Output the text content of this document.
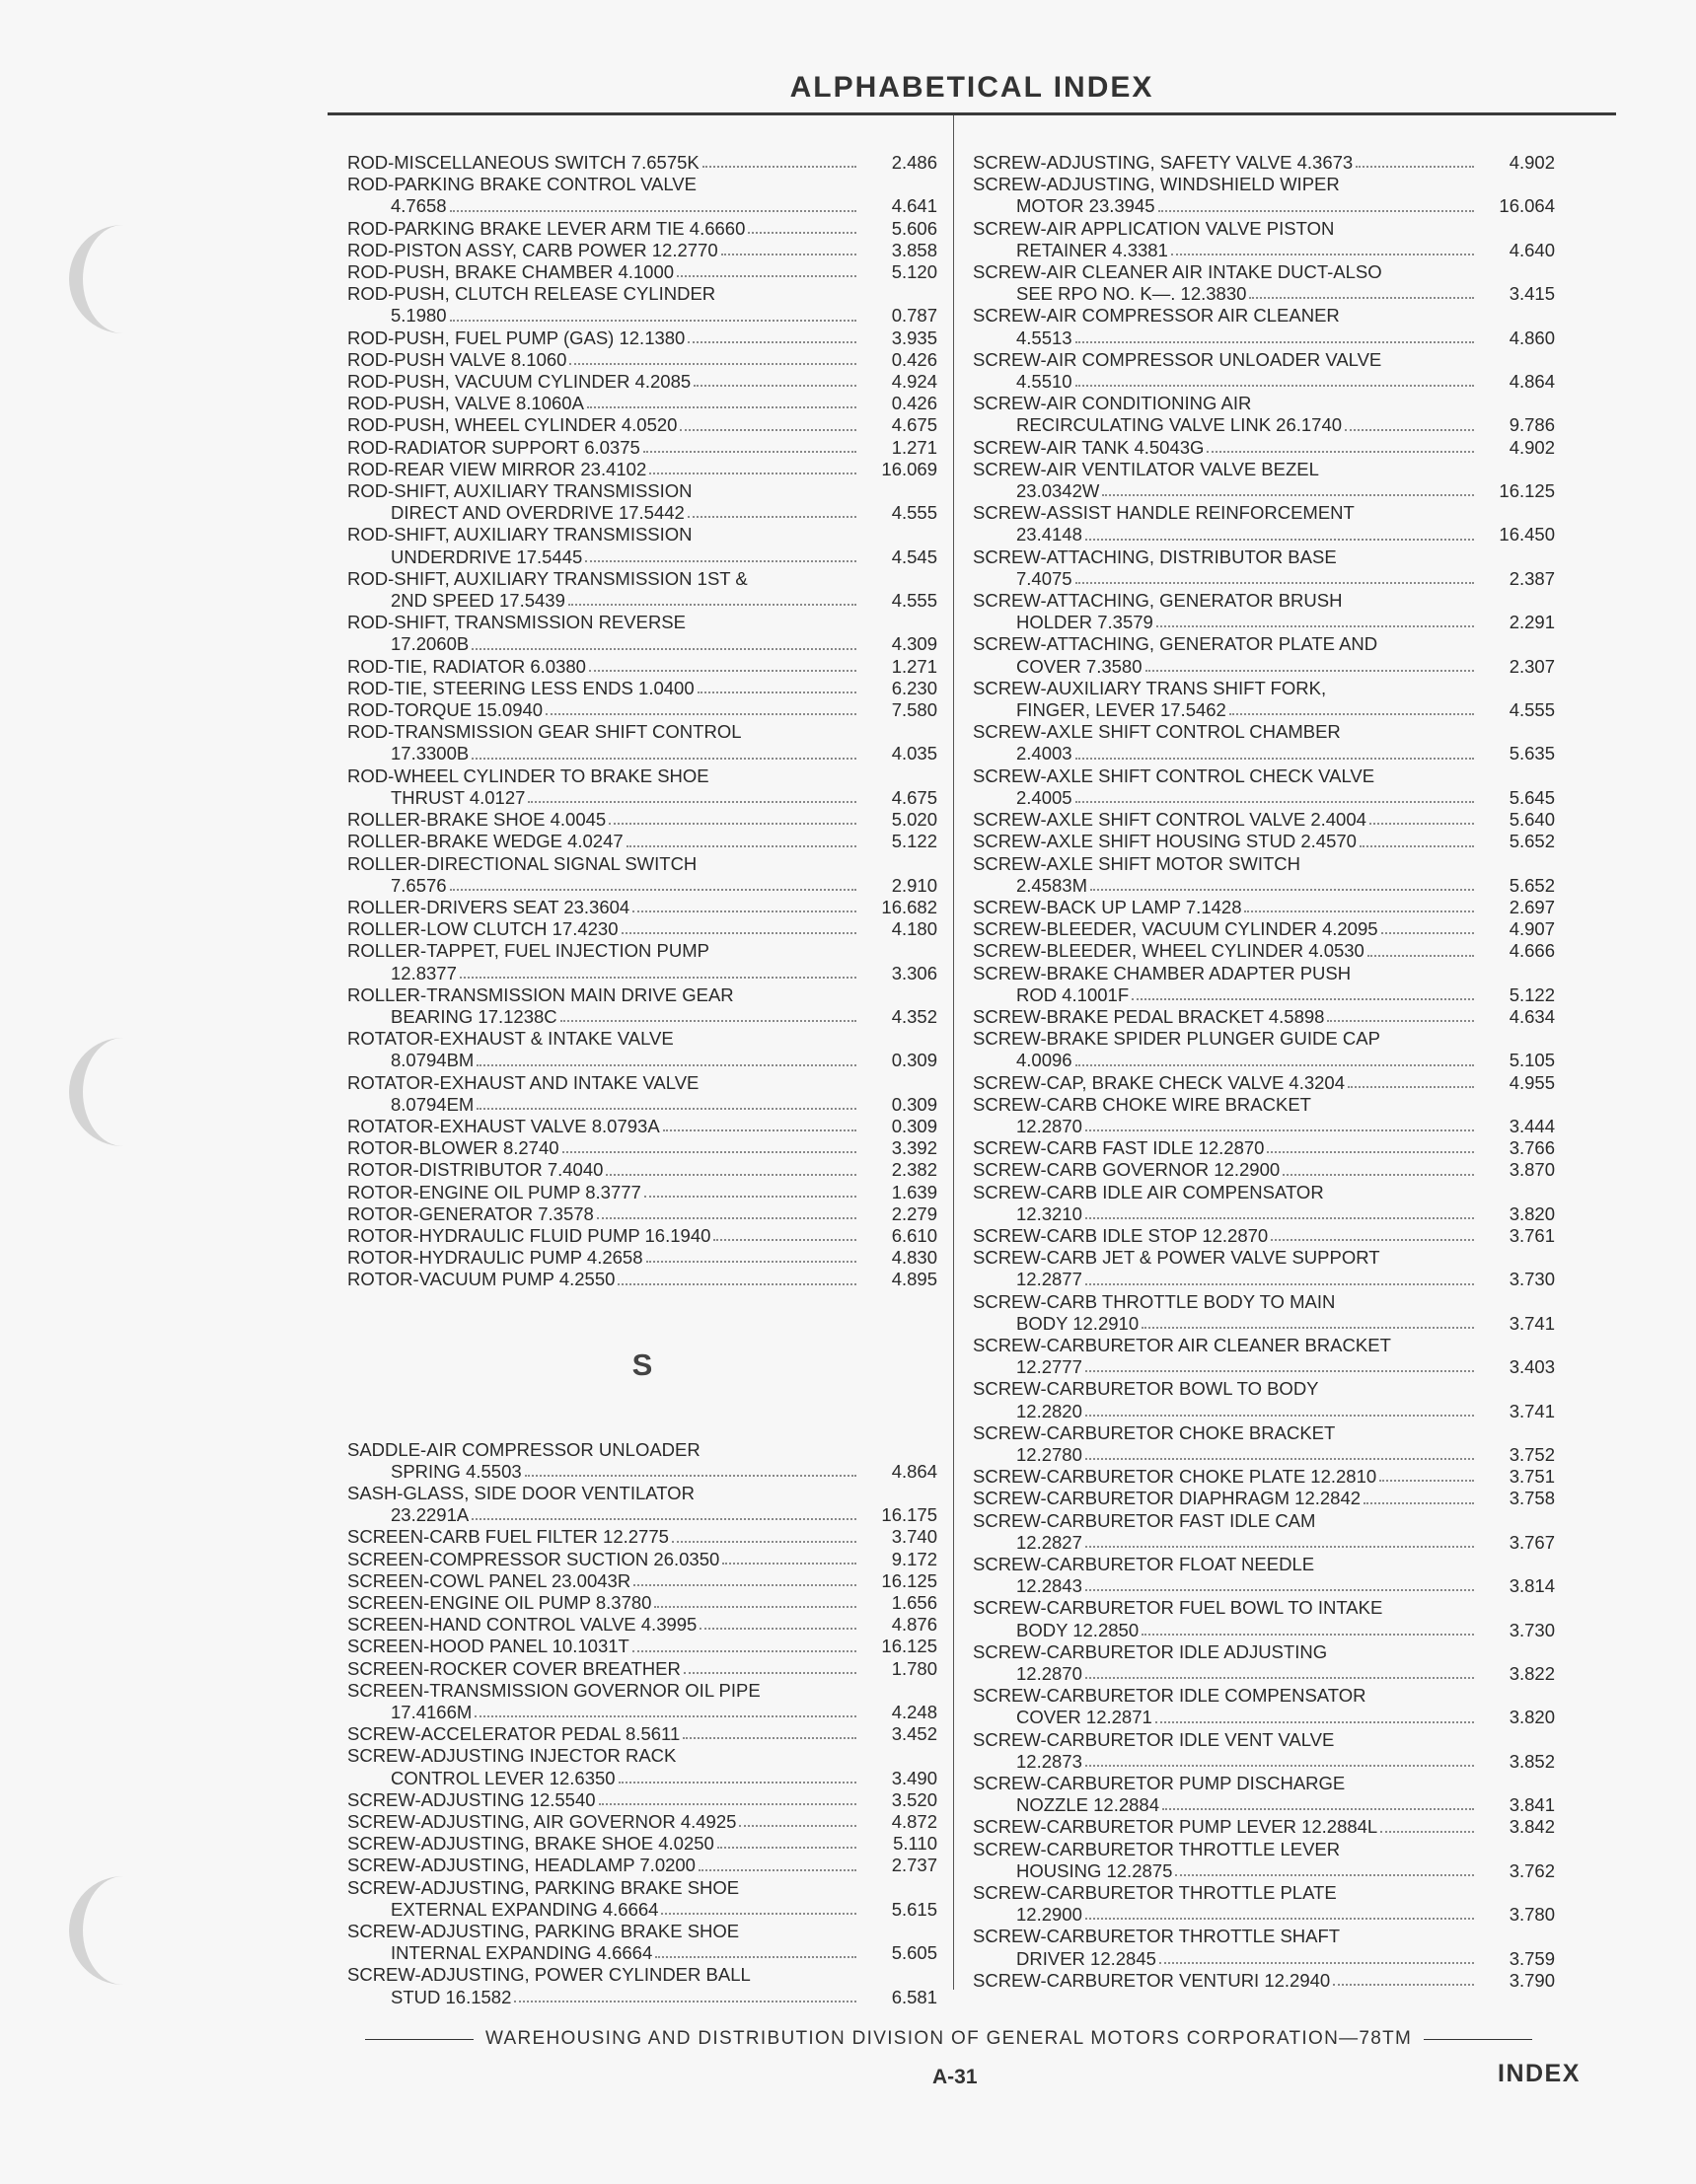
ALPHABETICAL INDEX
ROD-MISCELLANEOUS SWITCH 7.6575K	2.486
ROD-PARKING BRAKE CONTROL VALVE
4.7658	4.641
ROD-PARKING BRAKE LEVER ARM TIE 4.6660	5.606
ROD-PISTON ASSY, CARB POWER 12.2770	3.858
ROD-PUSH, BRAKE CHAMBER 4.1000	5.120
ROD-PUSH, CLUTCH RELEASE CYLINDER
5.1980	0.787
ROD-PUSH, FUEL PUMP (GAS) 12.1380	3.935
ROD-PUSH VALVE 8.1060	0.426
ROD-PUSH, VACUUM CYLINDER 4.2085	4.924
ROD-PUSH, VALVE 8.1060A	0.426
ROD-PUSH, WHEEL CYLINDER 4.0520	4.675
ROD-RADIATOR SUPPORT 6.0375	1.271
ROD-REAR VIEW MIRROR 23.4102	16.069
ROD-SHIFT, AUXILIARY TRANSMISSION
DIRECT AND OVERDRIVE 17.5442	4.555
ROD-SHIFT, AUXILIARY TRANSMISSION
UNDERDRIVE 17.5445	4.545
ROD-SHIFT, AUXILIARY TRANSMISSION 1ST &
2ND SPEED 17.5439	4.555
ROD-SHIFT, TRANSMISSION REVERSE
17.2060B	4.309
ROD-TIE, RADIATOR 6.0380	1.271
ROD-TIE, STEERING LESS ENDS 1.0400	6.230
ROD-TORQUE 15.0940	7.580
ROD-TRANSMISSION GEAR SHIFT CONTROL
17.3300B	4.035
ROD-WHEEL CYLINDER TO BRAKE SHOE
THRUST 4.0127	4.675
ROLLER-BRAKE SHOE 4.0045	5.020
ROLLER-BRAKE WEDGE 4.0247	5.122
ROLLER-DIRECTIONAL SIGNAL SWITCH
7.6576	2.910
ROLLER-DRIVERS SEAT 23.3604	16.682
ROLLER-LOW CLUTCH 17.4230	4.180
ROLLER-TAPPET, FUEL INJECTION PUMP
12.8377	3.306
ROLLER-TRANSMISSION MAIN DRIVE GEAR
BEARING 17.1238C	4.352
ROTATOR-EXHAUST & INTAKE VALVE
8.0794BM	0.309
ROTATOR-EXHAUST AND INTAKE VALVE
8.0794EM	0.309
ROTATOR-EXHAUST VALVE 8.0793A	0.309
ROTOR-BLOWER 8.2740	3.392
ROTOR-DISTRIBUTOR 7.4040	2.382
ROTOR-ENGINE OIL PUMP 8.3777	1.639
ROTOR-GENERATOR 7.3578	2.279
ROTOR-HYDRAULIC FLUID PUMP 16.1940	6.610
ROTOR-HYDRAULIC PUMP 4.2658	4.830
ROTOR-VACUUM PUMP 4.2550	4.895
S
SADDLE-AIR COMPRESSOR UNLOADER
SPRING 4.5503	4.864
SASH-GLASS, SIDE DOOR VENTILATOR
23.2291A	16.175
SCREEN-CARB FUEL FILTER 12.2775	3.740
SCREEN-COMPRESSOR SUCTION 26.0350	9.172
SCREEN-COWL PANEL 23.0043R	16.125
SCREEN-ENGINE OIL PUMP 8.3780	1.656
SCREEN-HAND CONTROL VALVE 4.3995	4.876
SCREEN-HOOD PANEL 10.1031T	16.125
SCREEN-ROCKER COVER BREATHER	1.780
SCREEN-TRANSMISSION GOVERNOR OIL PIPE
17.4166M	4.248
SCREW-ACCELERATOR PEDAL 8.5611	3.452
SCREW-ADJUSTING INJECTOR RACK
CONTROL LEVER 12.6350	3.490
SCREW-ADJUSTING 12.5540	3.520
SCREW-ADJUSTING, AIR GOVERNOR 4.4925	4.872
SCREW-ADJUSTING, BRAKE SHOE 4.0250	5.110
SCREW-ADJUSTING, HEADLAMP 7.0200	2.737
SCREW-ADJUSTING, PARKING BRAKE SHOE
EXTERNAL EXPANDING 4.6664	5.615
SCREW-ADJUSTING, PARKING BRAKE SHOE
INTERNAL EXPANDING 4.6664	5.605
SCREW-ADJUSTING, POWER CYLINDER BALL
STUD 16.1582	6.581
SCREW-ADJUSTING, SAFETY VALVE 4.3673	4.902
SCREW-ADJUSTING, WINDSHIELD WIPER
MOTOR 23.3945	16.064
SCREW-AIR APPLICATION VALVE PISTON
RETAINER 4.3381	4.640
SCREW-AIR CLEANER AIR INTAKE DUCT-ALSO
SEE RPO NO. K—. 12.3830	3.415
SCREW-AIR COMPRESSOR AIR CLEANER
4.5513	4.860
SCREW-AIR COMPRESSOR UNLOADER VALVE
4.5510	4.864
SCREW-AIR CONDITIONING AIR
RECIRCULATING VALVE LINK 26.1740	9.786
SCREW-AIR TANK 4.5043G	4.902
SCREW-AIR VENTILATOR VALVE BEZEL
23.0342W	16.125
SCREW-ASSIST HANDLE REINFORCEMENT
23.4148	16.450
SCREW-ATTACHING, DISTRIBUTOR BASE
7.4075	2.387
SCREW-ATTACHING, GENERATOR BRUSH
HOLDER 7.3579	2.291
SCREW-ATTACHING, GENERATOR PLATE AND
COVER 7.3580	2.307
SCREW-AUXILIARY TRANS SHIFT FORK,
FINGER, LEVER 17.5462	4.555
SCREW-AXLE SHIFT CONTROL CHAMBER
2.4003	5.635
SCREW-AXLE SHIFT CONTROL CHECK VALVE
2.4005	5.645
SCREW-AXLE SHIFT CONTROL VALVE 2.4004	5.640
SCREW-AXLE SHIFT HOUSING STUD 2.4570	5.652
SCREW-AXLE SHIFT MOTOR SWITCH
2.4583M	5.652
SCREW-BACK UP LAMP 7.1428	2.697
SCREW-BLEEDER, VACUUM CYLINDER 4.2095	4.907
SCREW-BLEEDER, WHEEL CYLINDER 4.0530	4.666
SCREW-BRAKE CHAMBER ADAPTER PUSH
ROD 4.1001F	5.122
SCREW-BRAKE PEDAL BRACKET 4.5898	4.634
SCREW-BRAKE SPIDER PLUNGER GUIDE CAP
4.0096	5.105
SCREW-CAP, BRAKE CHECK VALVE 4.3204	4.955
SCREW-CARB CHOKE WIRE BRACKET
12.2870	3.444
SCREW-CARB FAST IDLE 12.2870	3.766
SCREW-CARB GOVERNOR 12.2900	3.870
SCREW-CARB IDLE AIR COMPENSATOR
12.3210	3.820
SCREW-CARB IDLE STOP 12.2870	3.761
SCREW-CARB JET & POWER VALVE SUPPORT
12.2877	3.730
SCREW-CARB THROTTLE BODY TO MAIN
BODY 12.2910	3.741
SCREW-CARBURETOR AIR CLEANER BRACKET
12.2777	3.403
SCREW-CARBURETOR BOWL TO BODY
12.2820	3.741
SCREW-CARBURETOR CHOKE BRACKET
12.2780	3.752
SCREW-CARBURETOR CHOKE PLATE 12.2810	3.751
SCREW-CARBURETOR DIAPHRAGM 12.2842	3.758
SCREW-CARBURETOR FAST IDLE CAM
12.2827	3.767
SCREW-CARBURETOR FLOAT NEEDLE
12.2843	3.814
SCREW-CARBURETOR FUEL BOWL TO INTAKE
BODY 12.2850	3.730
SCREW-CARBURETOR IDLE ADJUSTING
12.2870	3.822
SCREW-CARBURETOR IDLE COMPENSATOR
COVER 12.2871	3.820
SCREW-CARBURETOR IDLE VENT VALVE
12.2873	3.852
SCREW-CARBURETOR PUMP DISCHARGE
NOZZLE 12.2884	3.841
SCREW-CARBURETOR PUMP LEVER 12.2884L	3.842
SCREW-CARBURETOR THROTTLE LEVER
HOUSING 12.2875	3.762
SCREW-CARBURETOR THROTTLE PLATE
12.2900	3.780
SCREW-CARBURETOR THROTTLE SHAFT
DRIVER 12.2845	3.759
SCREW-CARBURETOR VENTURI 12.2940	3.790
WAREHOUSING AND DISTRIBUTION DIVISION OF GENERAL MOTORS CORPORATION—78TM
A-31	INDEX
